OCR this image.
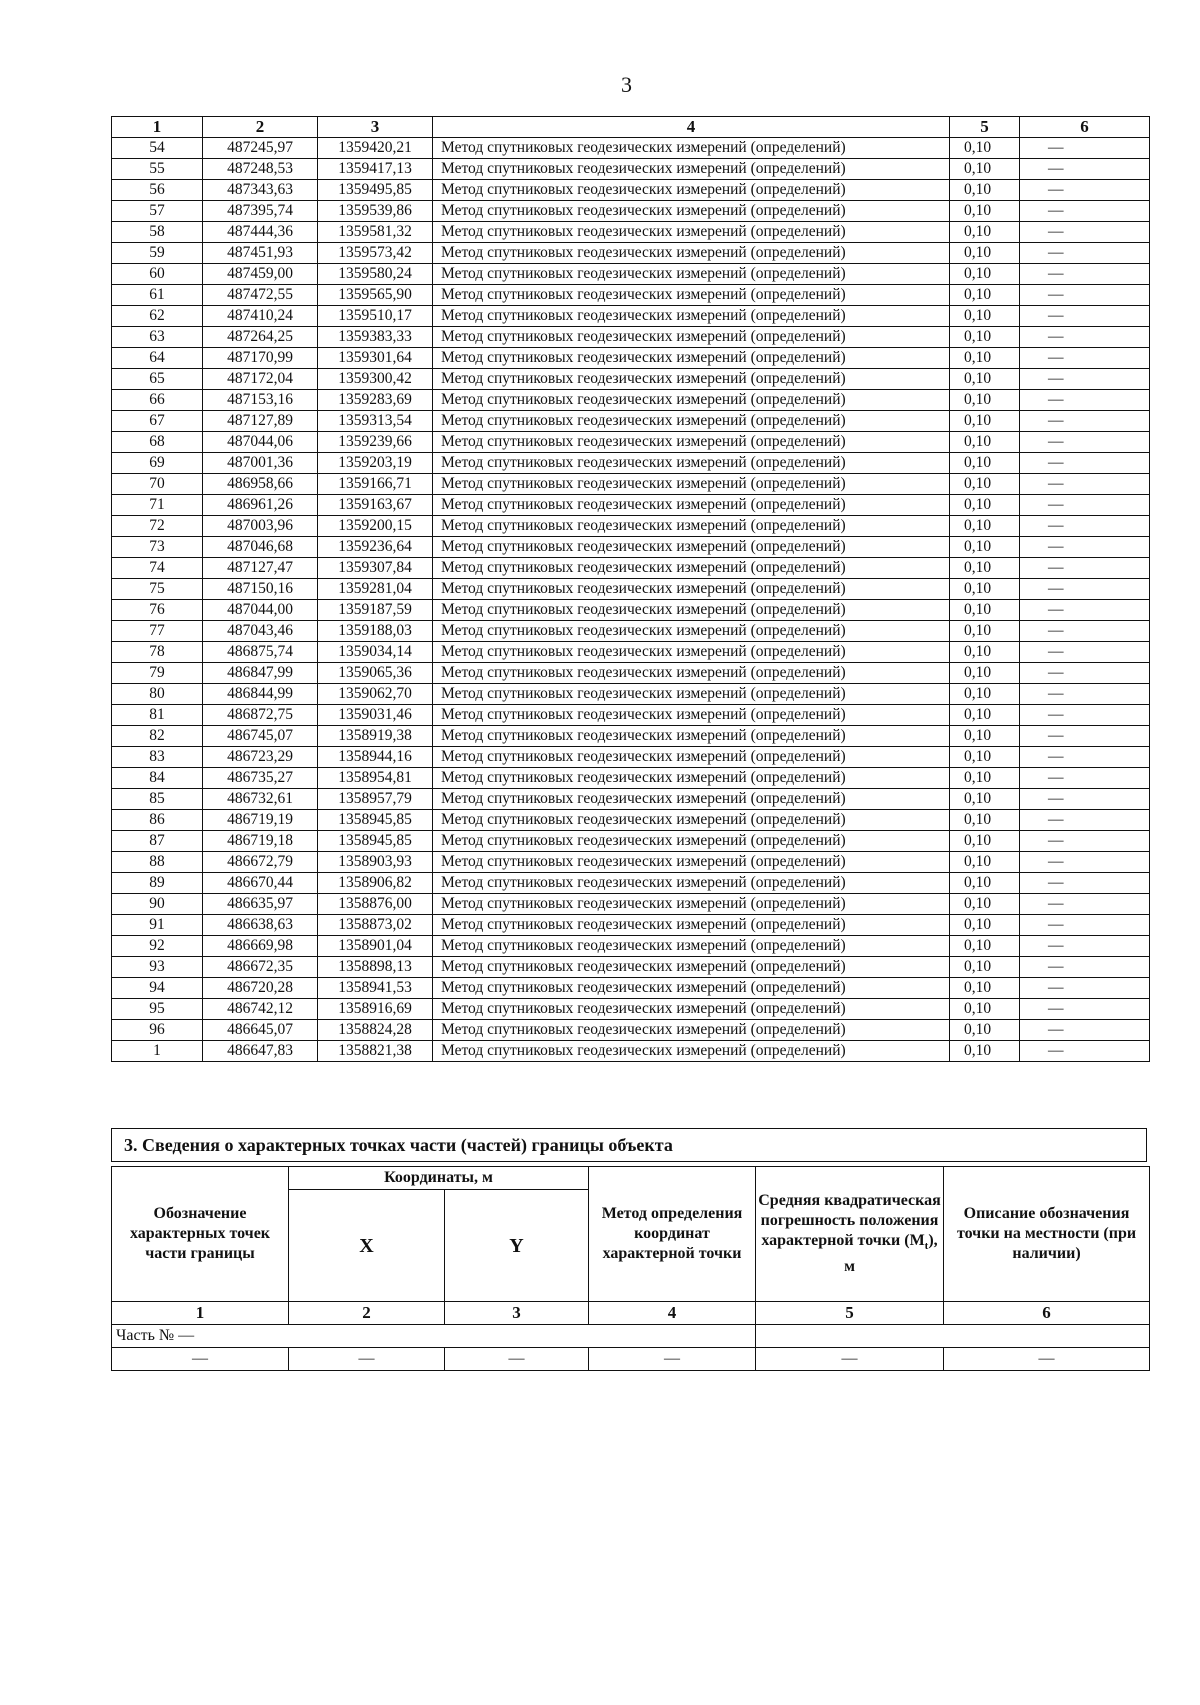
3
1	2	3	4	5	6
54	487245,97	1359420,21	Метод спутниковых геодезических измерений (определений)	0,10	—
55	487248,53	1359417,13	Метод спутниковых геодезических измерений (определений)	0,10	—
56	487343,63	1359495,85	Метод спутниковых геодезических измерений (определений)	0,10	—
57	487395,74	1359539,86	Метод спутниковых геодезических измерений (определений)	0,10	—
58	487444,36	1359581,32	Метод спутниковых геодезических измерений (определений)	0,10	—
59	487451,93	1359573,42	Метод спутниковых геодезических измерений (определений)	0,10	—
60	487459,00	1359580,24	Метод спутниковых геодезических измерений (определений)	0,10	—
61	487472,55	1359565,90	Метод спутниковых геодезических измерений (определений)	0,10	—
62	487410,24	1359510,17	Метод спутниковых геодезических измерений (определений)	0,10	—
63	487264,25	1359383,33	Метод спутниковых геодезических измерений (определений)	0,10	—
64	487170,99	1359301,64	Метод спутниковых геодезических измерений (определений)	0,10	—
65	487172,04	1359300,42	Метод спутниковых геодезических измерений (определений)	0,10	—
66	487153,16	1359283,69	Метод спутниковых геодезических измерений (определений)	0,10	—
67	487127,89	1359313,54	Метод спутниковых геодезических измерений (определений)	0,10	—
68	487044,06	1359239,66	Метод спутниковых геодезических измерений (определений)	0,10	—
69	487001,36	1359203,19	Метод спутниковых геодезических измерений (определений)	0,10	—
70	486958,66	1359166,71	Метод спутниковых геодезических измерений (определений)	0,10	—
71	486961,26	1359163,67	Метод спутниковых геодезических измерений (определений)	0,10	—
72	487003,96	1359200,15	Метод спутниковых геодезических измерений (определений)	0,10	—
73	487046,68	1359236,64	Метод спутниковых геодезических измерений (определений)	0,10	—
74	487127,47	1359307,84	Метод спутниковых геодезических измерений (определений)	0,10	—
75	487150,16	1359281,04	Метод спутниковых геодезических измерений (определений)	0,10	—
76	487044,00	1359187,59	Метод спутниковых геодезических измерений (определений)	0,10	—
77	487043,46	1359188,03	Метод спутниковых геодезических измерений (определений)	0,10	—
78	486875,74	1359034,14	Метод спутниковых геодезических измерений (определений)	0,10	—
79	486847,99	1359065,36	Метод спутниковых геодезических измерений (определений)	0,10	—
80	486844,99	1359062,70	Метод спутниковых геодезических измерений (определений)	0,10	—
81	486872,75	1359031,46	Метод спутниковых геодезических измерений (определений)	0,10	—
82	486745,07	1358919,38	Метод спутниковых геодезических измерений (определений)	0,10	—
83	486723,29	1358944,16	Метод спутниковых геодезических измерений (определений)	0,10	—
84	486735,27	1358954,81	Метод спутниковых геодезических измерений (определений)	0,10	—
85	486732,61	1358957,79	Метод спутниковых геодезических измерений (определений)	0,10	—
86	486719,19	1358945,85	Метод спутниковых геодезических измерений (определений)	0,10	—
87	486719,18	1358945,85	Метод спутниковых геодезических измерений (определений)	0,10	—
88	486672,79	1358903,93	Метод спутниковых геодезических измерений (определений)	0,10	—
89	486670,44	1358906,82	Метод спутниковых геодезических измерений (определений)	0,10	—
90	486635,97	1358876,00	Метод спутниковых геодезических измерений (определений)	0,10	—
91	486638,63	1358873,02	Метод спутниковых геодезических измерений (определений)	0,10	—
92	486669,98	1358901,04	Метод спутниковых геодезических измерений (определений)	0,10	—
93	486672,35	1358898,13	Метод спутниковых геодезических измерений (определений)	0,10	—
94	486720,28	1358941,53	Метод спутниковых геодезических измерений (определений)	0,10	—
95	486742,12	1358916,69	Метод спутниковых геодезических измерений (определений)	0,10	—
96	486645,07	1358824,28	Метод спутниковых геодезических измерений (определений)	0,10	—
1	486647,83	1358821,38	Метод спутниковых геодезических измерений (определений)	0,10	—
3. Сведения о характерных точках части (частей) границы объекта
Обозначение характерных точек части границы	Координаты, м		Метод определения координат характерной точки	Средняя квадратическая погрешность положения характерной точки $(M_t)$, м	Описание обозначения точки на местности (при наличии)
	X	Y			
1	2	3	4	5	6
Часть № —					
—	—	—	—	—	—
